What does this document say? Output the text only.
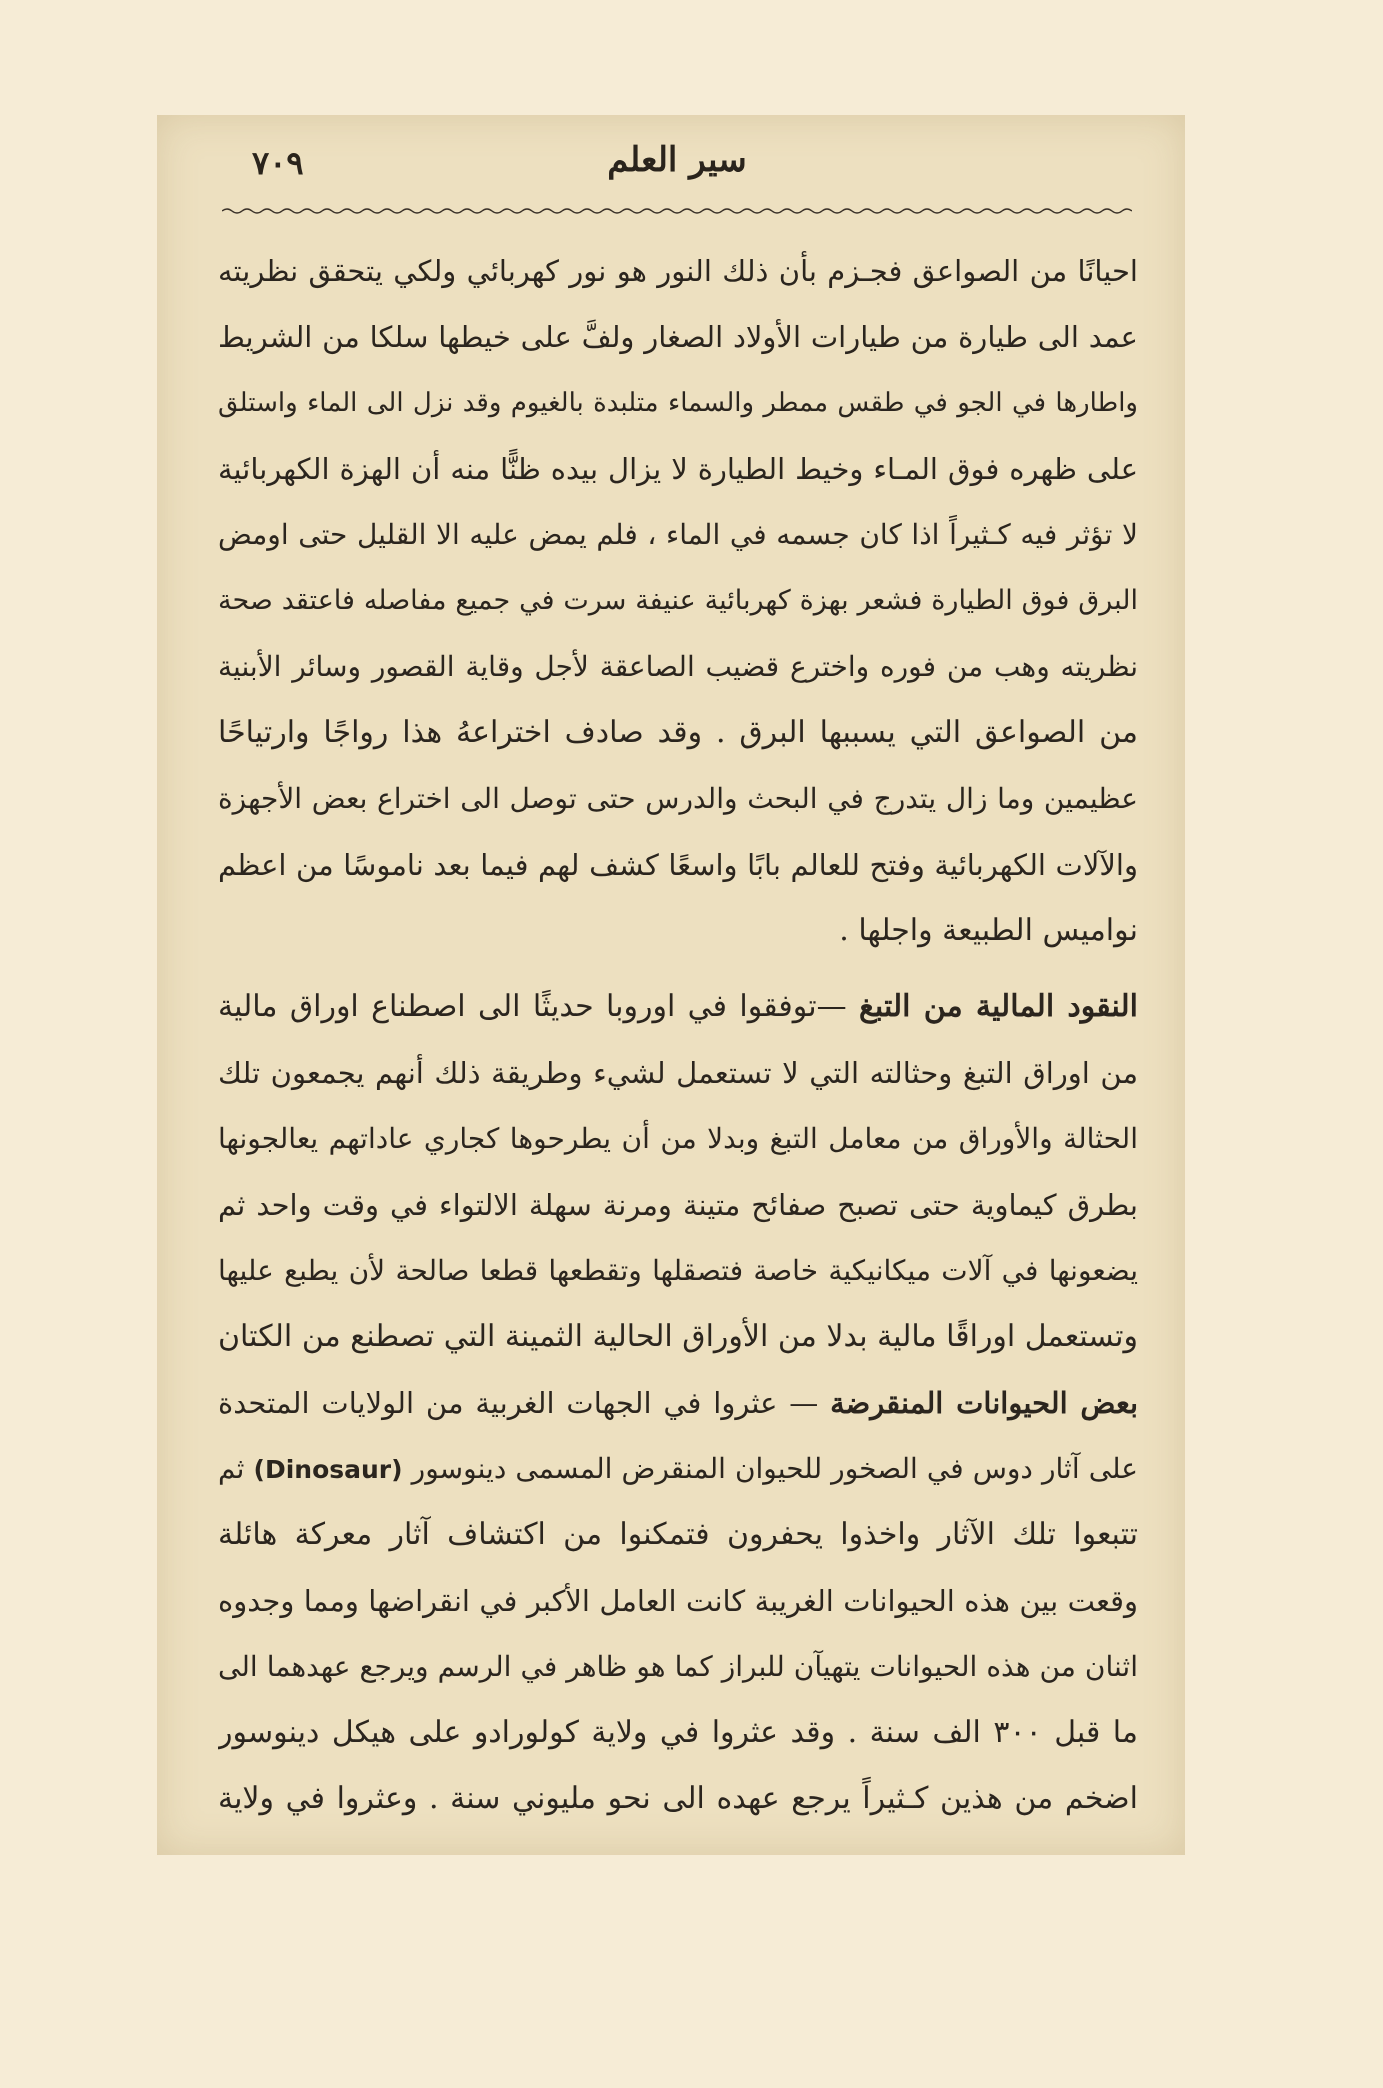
سير العلم
٧٠٩
احيانًا من الصواعق فجـزم بأن ذلك النور هو نور كهربائي ولكي يتحقق نظريته
عمد الى طيارة من طيارات الأولاد الصغار ولفَّ على خيطها سلكا من الشريط
واطارها في الجو في طقس ممطر والسماء متلبدة بالغيوم وقد نزل الى الماء واستلق
على ظهره فوق المـاء وخيط الطيارة لا يزال بيده ظنًّا منه أن الهزة الكهربائية
لا تؤثر فيه كـثيراً اذا كان جسمه في الماء ، فلم يمض عليه الا القليل حتى اومض
البرق فوق الطيارة فشعر بهزة كهربائية عنيفة سرت في جميع مفاصله فاعتقد صحة
نظريته وهب من فوره واخترع قضيب الصاعقة لأجل وقاية القصور وسائر الأبنية
من الصواعق التي يسببها البرق . وقد صادف اختراعهُ هذا رواجًا وارتياحًا
عظيمين وما زال يتدرج في البحث والدرس حتى توصل الى اختراع بعض الأجهزة
والآلات الكهربائية وفتح للعالم بابًا واسعًا كشف لهم فيما بعد ناموسًا من اعظم
نواميس الطبيعة واجلها .
النقود المالية من التبغ —توفقوا في اوروبا حديثًا الى اصطناع اوراق مالية
من اوراق التبغ وحثالته التي لا تستعمل لشيء وطريقة ذلك أنهم يجمعون تلك
الحثالة والأوراق من معامل التبغ وبدلا من أن يطرحوها كجاري عاداتهم يعالجونها
بطرق كيماوية حتى تصبح صفائح متينة ومرنة سهلة الالتواء في وقت واحد ثم
يضعونها في آلات ميكانيكية خاصة فتصقلها وتقطعها قطعا صالحة لأن يطبع عليها
وتستعمل اوراقًا مالية بدلا من الأوراق الحالية الثمينة التي تصطنع من الكتان
بعض الحيوانات المنقرضة — عثروا في الجهات الغربية من الولايات المتحدة
على آثار دوس في الصخور للحيوان المنقرض المسمى دينوسور (Dinosaur) ثم
تتبعوا تلك الآثار واخذوا يحفرون فتمكنوا من اكتشاف آثار معركة هائلة
وقعت بين هذه الحيوانات الغريبة كانت العامل الأكبر في انقراضها ومما وجدوه
اثنان من هذه الحيوانات يتهيآن للبراز كما هو ظاهر في الرسم ويرجع عهدهما الى
ما قبل ٣٠٠ الف سنة . وقد عثروا في ولاية كولورادو على هيكل دينوسور
اضخم من هذين كـثيراً يرجع عهده الى نحو مليوني سنة . وعثروا في ولاية
